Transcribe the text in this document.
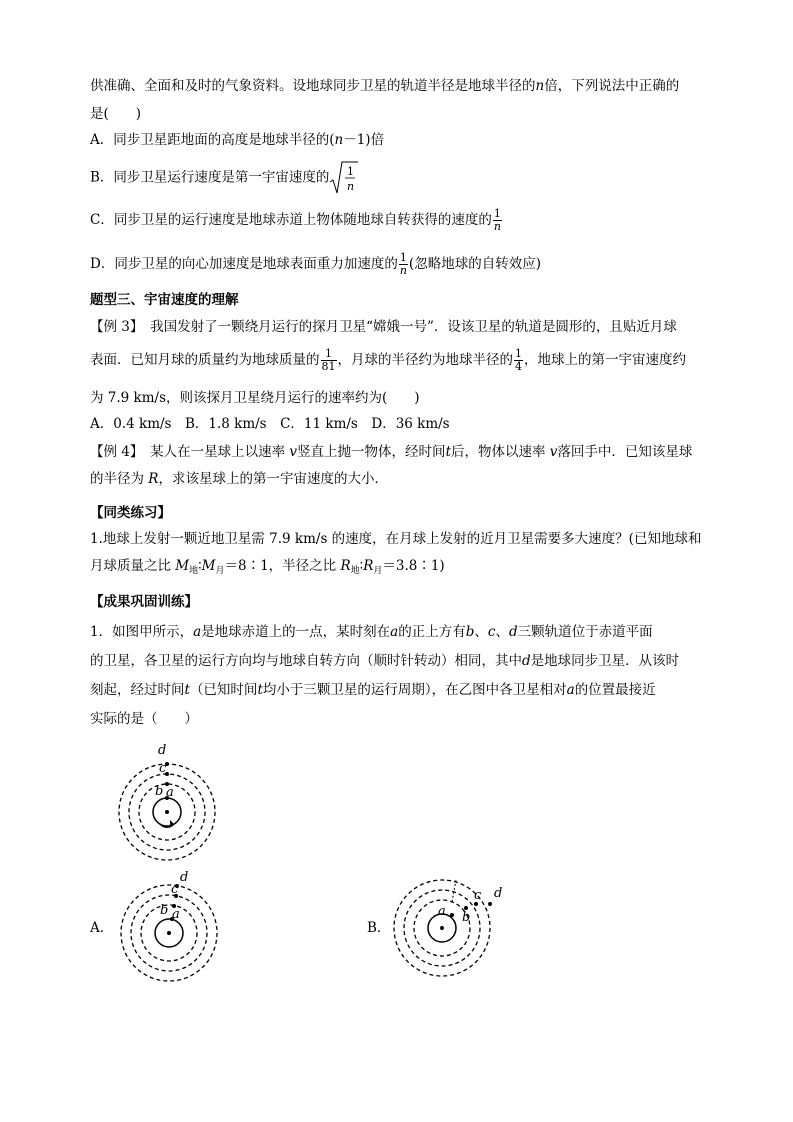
供准确、全面和及时的气象资料。设地球同步卫星的轨道半径是地球半径的n倍，下列说法中正确的
是(　　)
A．同步卫星距地面的高度是地球半径的(n－1)倍
B．同步卫星运行速度是第一宇宙速度的 1
n
C．同步卫星的运行速度是地球赤道上物体随地球自转获得的速度的 $\frac{1}{n}$
D．同步卫星的向心加速度是地球表面重力加速度的 $\frac{1}{n}$ (忽略地球的自转效应)
题型三、宇宙速度的理解
【例 3】　我国发射了一颗绕月运行的探月卫星“嫦娥一号”．设该卫星的轨道是圆形的，且贴近月球
表面．已知月球的质量约为地球质量的 $\frac{1}{81}$ ，月球的半径约为地球半径的 $\frac{1}{4}$ ，地球上的第一宇宙速度约
为 7.9 km/s，则该探月卫星绕月运行的速率约为(　　)
A．0.4 km/s　B．1.8 km/s　C．11 km/s　D．36 km/s
【例 4】　某人在一星球上以速率 v竖直上抛一物体，经时间t后，物体以速率 v落回手中．已知该星球
的半径为 R，求该星球上的第一宇宙速度的大小．
【同类练习】
1.地球上发射一颗近地卫星需 7.9 km/s 的速度，在月球上发射的近月卫星需要多大速度？(已知地球和
月球质量之比 $M_地∶M_月=8∶1$，半径之比 $R_地∶R_月=3.8∶1$)
【成果巩固训练】
1．如图甲所示，a是地球赤道上的一点，某时刻在a的正上方有b、c、d三颗轨道位于赤道平面
的卫星，各卫星的运行方向均与地球自转方向（顺时针转动）相同，其中d是地球同步卫星．从该时
刻起，经过时间t（已知时间t均小于三颗卫星的运行周期），在乙图中各卫星相对a的位置最接近
实际的是（　　）
d
c
b a
A．
d
c
b a
B．
a b
c d
